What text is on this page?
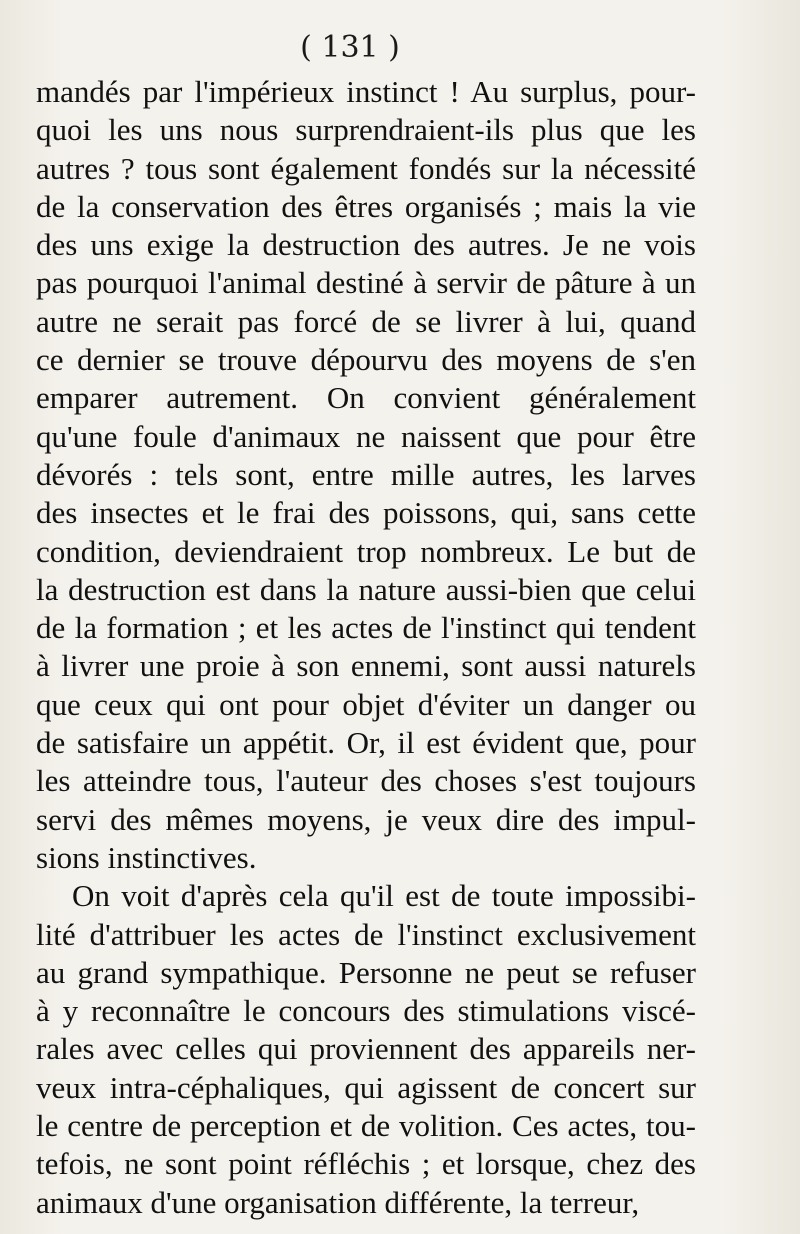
( 131 )
mandés par l'impérieux instinct ! Au surplus, pour-
quoi les uns nous surprendraient-ils plus que les
autres ? tous sont également fondés sur la nécessité
de la conservation des êtres organisés ; mais la vie
des uns exige la destruction des autres. Je ne vois
pas pourquoi l'animal destiné à servir de pâture à un
autre ne serait pas forcé de se livrer à lui, quand
ce dernier se trouve dépourvu des moyens de s'en
emparer autrement. On convient généralement
qu'une foule d'animaux ne naissent que pour être
dévorés : tels sont, entre mille autres, les larves
des insectes et le frai des poissons, qui, sans cette
condition, deviendraient trop nombreux. Le but de
la destruction est dans la nature aussi-bien que celui
de la formation ; et les actes de l'instinct qui tendent
à livrer une proie à son ennemi, sont aussi naturels
que ceux qui ont pour objet d'éviter un danger ou
de satisfaire un appétit. Or, il est évident que, pour
les atteindre tous, l'auteur des choses s'est toujours
servi des mêmes moyens, je veux dire des impul-
sions instinctives.
On voit d'après cela qu'il est de toute impossibi-
lité d'attribuer les actes de l'instinct exclusivement
au grand sympathique. Personne ne peut se refuser
à y reconnaître le concours des stimulations viscé-
rales avec celles qui proviennent des appareils ner-
veux intra-céphaliques, qui agissent de concert sur
le centre de perception et de volition. Ces actes, tou-
tefois, ne sont point réfléchis ; et lorsque, chez des
animaux d'une organisation différente, la terreur,
